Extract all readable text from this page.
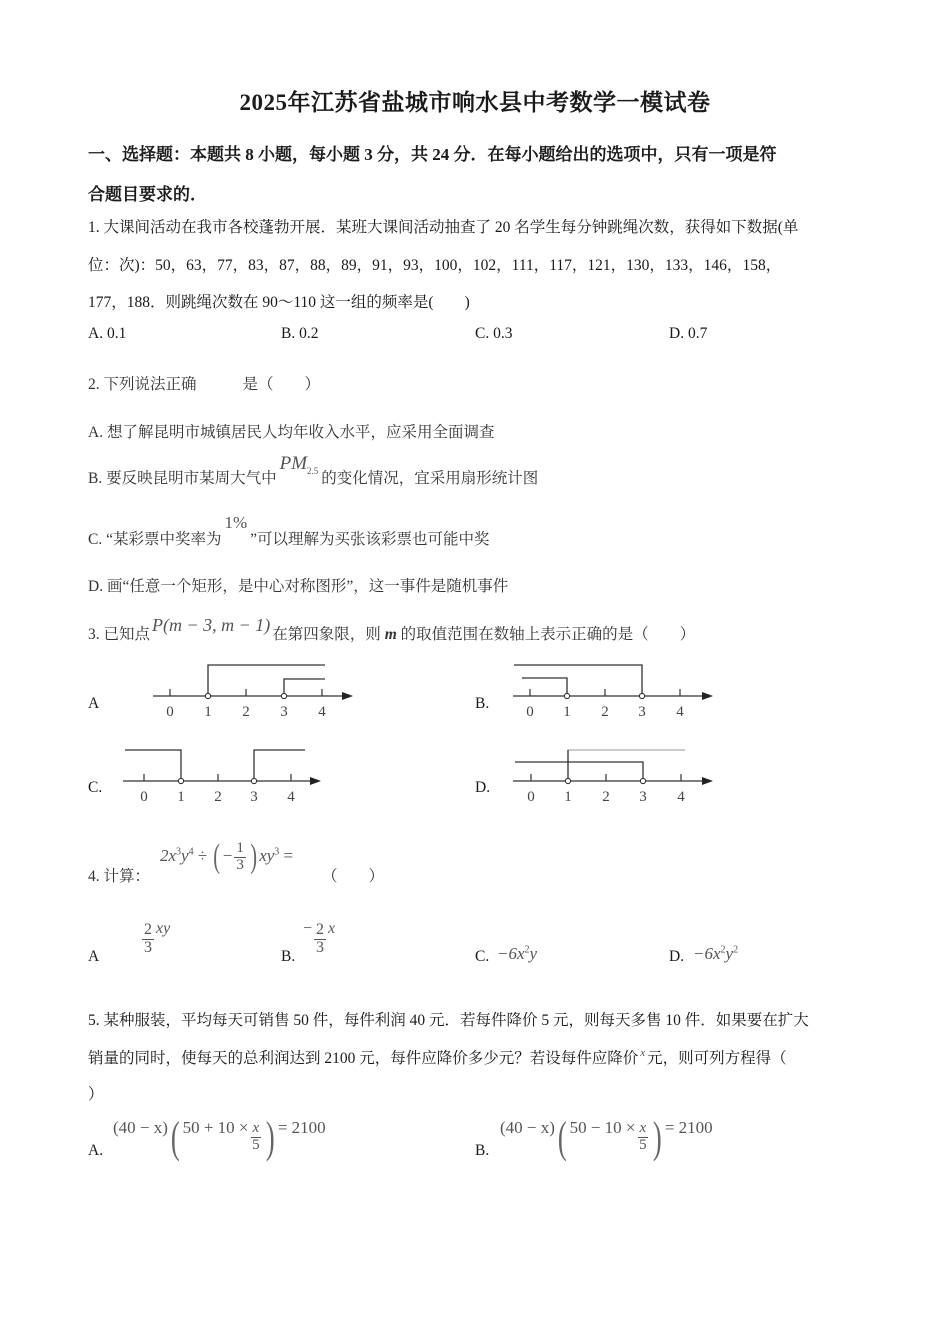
2025年江苏省盐城市响水县中考数学一模试卷
一、选择题：本题共 8 小题，每小题 3 分，共 24 分．在每小题给出的选项中，只有一项是符
合题目要求的．
1. 大课间活动在我市各校蓬勃开展．某班大课间活动抽查了 20 名学生每分钟跳绳次数，获得如下数据(单
位：次)：50，63，77，83，87，88，89，91，93，100，102，111，117，121，130，133，146，158，
177，188．则跳绳次数在 90～110 这一组的频率是(　　)
A. 0.1	B. 0.2	C. 0.3	D. 0.7
2. 下列说法正确	是（　　）
A. 想了解昆明市城镇居民人均年收入水平，应采用全面调查
B. 要反映昆明市某周大气中$PM_{2.5}$ 的变化情况，宜采用扇形统计图
C. “某彩票中奖率为1%”可以理解为买张该彩票也可能中奖
D. 画“任意一个矩形，是中心对称图形”，这一事件是随机事件
3. 已知点 P(m − 3, m − 1) 在第四象限，则 m 的取值范围在数轴上表示正确的是（　　）
A	0 1 2 3 4	B. 0 1 2 3 4
C.
0 1 2 3 4
D.
0 1 2 3 4
4. 计算：
$2x^3y^4$ ÷ ( − $\frac{1}{3}$ ) $xy^3$ =
（　　）
A	$\frac{2}{3}$ xy
B.
− $\frac{2}{3}$ x
C. $-6x^2y$	D. $-6x^2y^2$
5. 某种服装，平均每天可销售 50 件，每件利润 40 元．若每件降价 5 元，则每天多售 10 件．如果要在扩大
销量的同时，使每天的总利润达到 2100 元，每件应降价多少元？若设每件应降价 $^x$ 元，则可列方程得（
）
A.
(40 − x)( $50 + 10 \times \frac{x}{5}$ ) = 2100
B.
(40 − x)( $50 - 10 \times \frac{x}{5}$ ) = 2100
